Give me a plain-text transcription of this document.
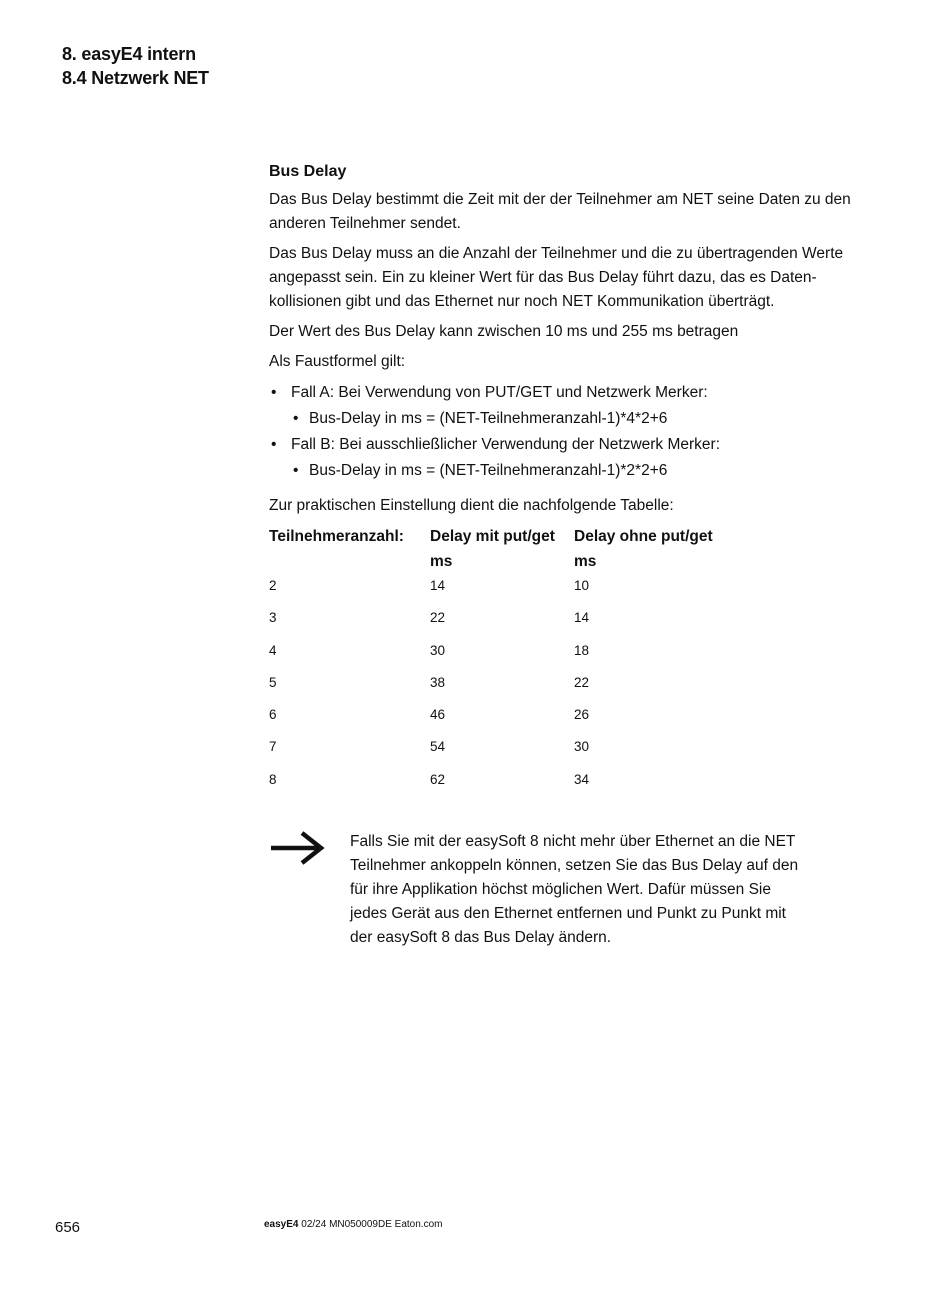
8. easyE4 intern
8.4 Netzwerk NET
Bus Delay

Das Bus Delay bestimmt die Zeit mit der der Teilnehmer am NET seine Daten zu den anderen Teilnehmer sendet.

Das Bus Delay muss an die Anzahl der Teilnehmer und die zu übertragenden Werte angepasst sein. Ein zu kleiner Wert für das Bus Delay führt dazu, das es Daten-kollisionen gibt und das Ethernet nur noch NET Kommunikation überträgt.

Der Wert des Bus Delay kann zwischen 10 ms und 255 ms betragen

Als Faustformel gilt:

• Fall A: Bei Verwendung von PUT/GET und Netzwerk Merker:
• Bus-Delay in ms = (NET-Teilnehmeranzahl-1)*4*2+6
• Fall B: Bei ausschließlicher Verwendung der Netzwerk Merker:
• Bus-Delay in ms = (NET-Teilnehmeranzahl-1)*2*2+6

Zur praktischen Einstellung dient die nachfolgende Tabelle:

Teilnehmeranzahl:	Delay mit put/get ms	Delay ohne put/get ms
2	14	10
3	22	14
4	30	18
5	38	22
6	46	26
7	54	30
8	62	34
Falls Sie mit der easySoft 8 nicht mehr über Ethernet an die NET Teilnehmer ankoppeln können, setzen Sie das Bus Delay auf den für ihre Applikation höchst möglichen Wert. Dafür müssen Sie jedes Gerät aus den Ethernet entfernen und Punkt zu Punkt mit der easySoft 8 das Bus Delay ändern.
656	easyE4 02/24 MN050009DE Eaton.com
